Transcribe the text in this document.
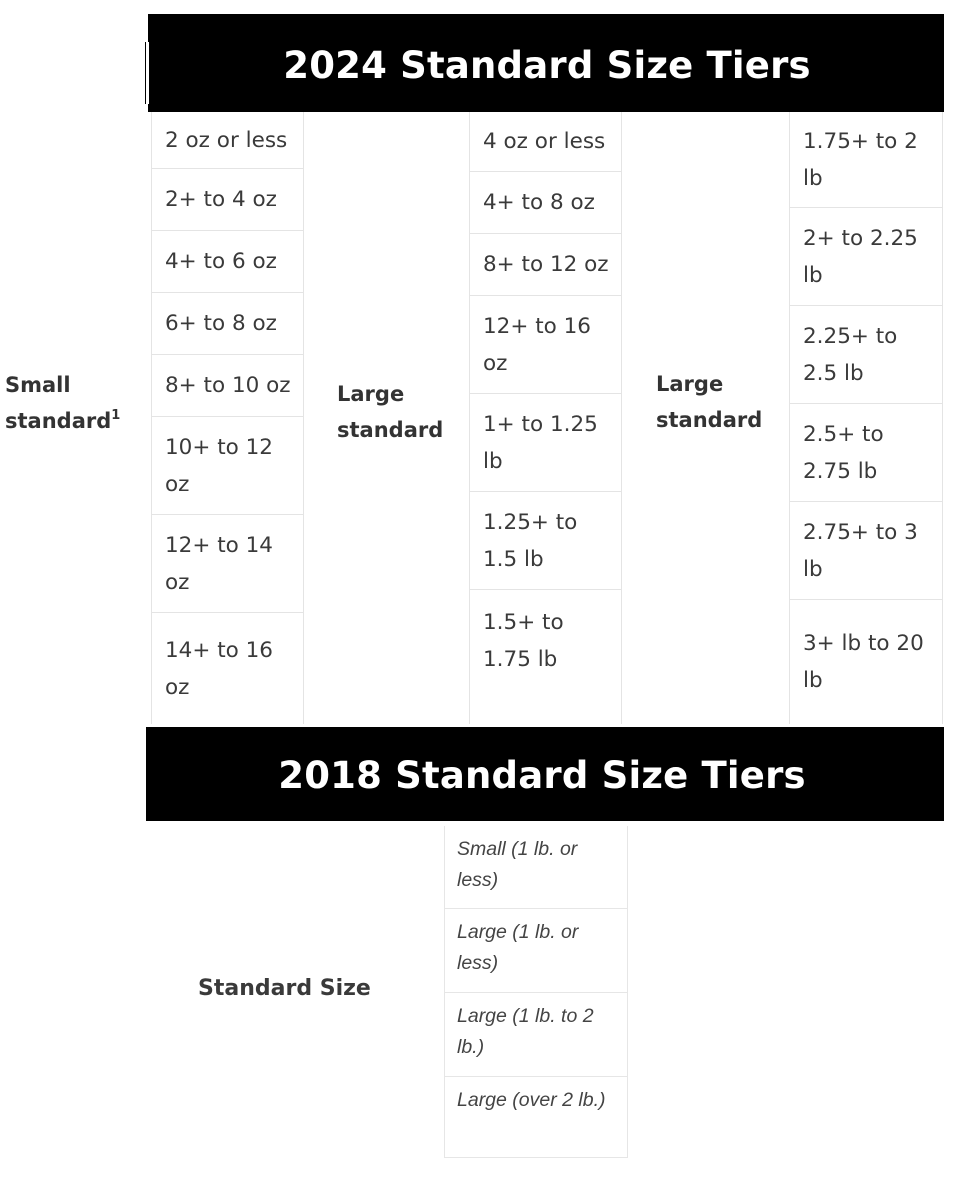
2024 Standard Size Tiers
Small
standard$^1$
2 oz or less
2+ to 4 oz
4+ to 6 oz
6+ to 8 oz
8+ to 10 oz
10+ to 12 oz
12+ to 14 oz
14+ to 16 oz
Large
standard
4 oz or less
4+ to 8 oz
8+ to 12 oz
12+ to 16 oz
1+ to 1.25 lb
1.25+ to 1.5 lb
1.5+ to 1.75 lb
Large
standard
1.75+ to 2 lb
2+ to 2.25 lb
2.25+ to 2.5 lb
2.5+ to 2.75 lb
2.75+ to 3 lb
3+ lb to 20 lb
2018 Standard Size Tiers
Standard Size
Small (1 lb. or less)
Large (1 lb. or less)
Large (1 lb. to 2 lb.)
Large (over 2 lb.)
